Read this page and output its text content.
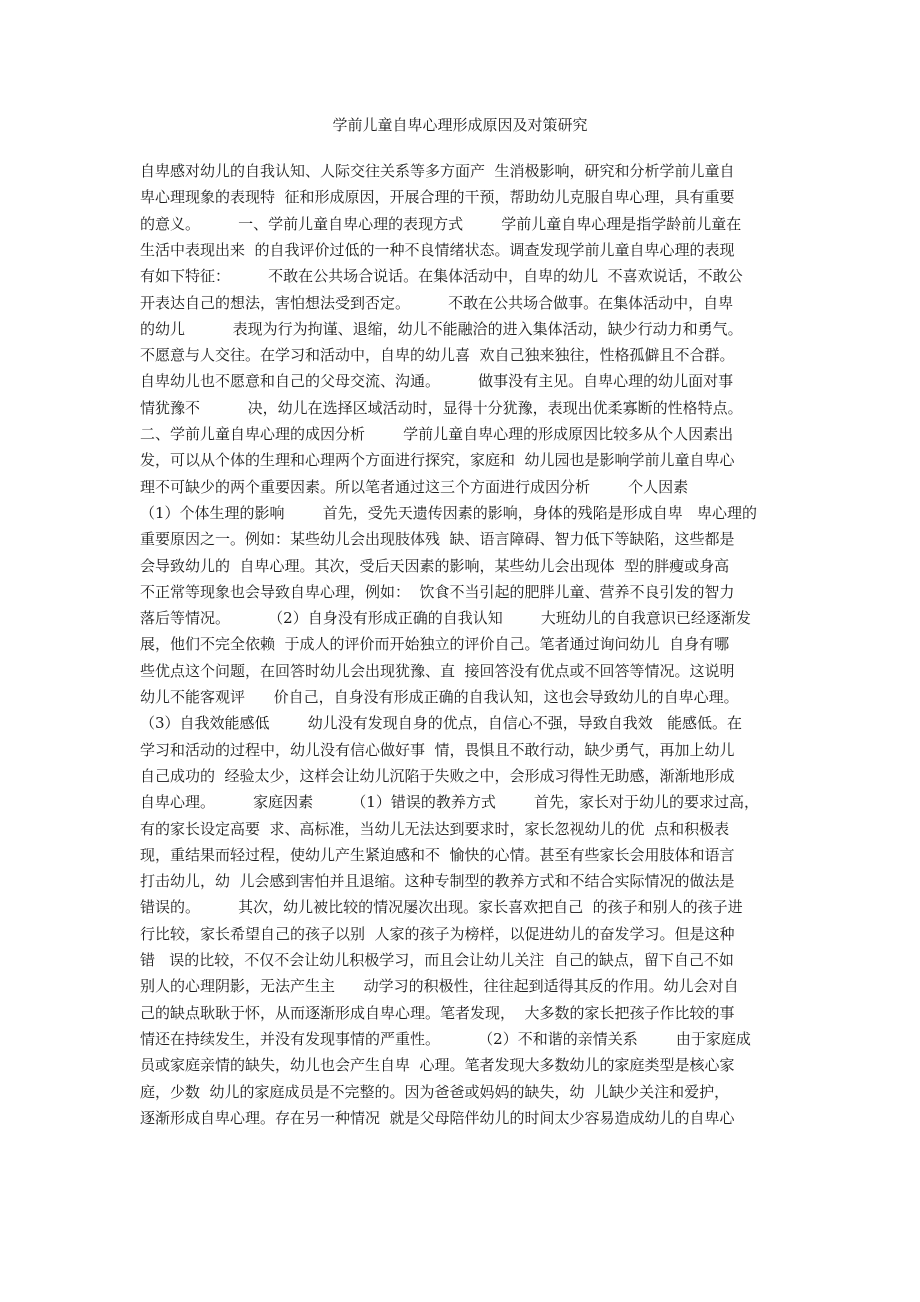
学前儿童自卑心理形成原因及对策研究
自卑感对幼儿的自我认知、人际交往关系等多方面产  生消极影响，研究和分析学前儿童自
卑心理现象的表现特  征和形成原因，开展合理的干预，帮助幼儿克服自卑心理，具有重要
的意义。        一、学前儿童自卑心理的表现方式        学前儿童自卑心理是指学龄前儿童在
生活中表现出来  的自我评价过低的一种不良情绪状态。调查发现学前儿童自卑心理的表现
有如下特征：        不敢在公共场合说话。在集体活动中，自卑的幼儿  不喜欢说话，不敢公
开表达自己的想法，害怕想法受到否定。        不敢在公共场合做事。在集体活动中，自卑
的幼儿          表现为行为拘谨、退缩，幼儿不能融洽的进入集体活动，缺少行动力和勇气。
不愿意与人交往。在学习和活动中，自卑的幼儿喜  欢自己独来独往，性格孤僻且不合群。
自卑幼儿也不愿意和自己的父母交流、沟通。        做事没有主见。自卑心理的幼儿面对事
情犹豫不          决，幼儿在选择区域活动时，显得十分犹豫，表现出优柔寡断的性格特点。
二、学前儿童自卑心理的成因分析        学前儿童自卑心理的形成原因比较多从个人因素出
发，可以从个体的生理和心理两个方面进行探究，家庭和  幼儿园也是影响学前儿童自卑心
理不可缺少的两个重要因素。所以笔者通过这三个方面进行成因分析        个人因素
（1）个体生理的影响        首先，受先天遗传因素的影响，身体的残陷是形成自卑   卑心理的
重要原因之一。例如：某些幼儿会出现肢体残  缺、语言障碍、智力低下等缺陷，这些都是
会导致幼儿的  自卑心理。其次，受后天因素的影响，某些幼儿会出现体  型的胖瘦或身高
不正常等现象也会导致自卑心理，例如：  饮食不当引起的肥胖儿童、营养不良引发的智力
落后等情况。        （2）自身没有形成正确的自我认知        大班幼儿的自我意识已经逐渐发
展，他们不完全依赖  于成人的评价而开始独立的评价自己。笔者通过询问幼儿  自身有哪
些优点这个问题，在回答时幼儿会出现犹豫、直  接回答没有优点或不回答等情况。这说明
幼儿不能客观评      价自己，自身没有形成正确的自我认知，这也会导致幼儿的自卑心理。
（3）自我效能感低        幼儿没有发现自身的优点，自信心不强，导致自我效   能感低。在
学习和活动的过程中，幼儿没有信心做好事  情，畏惧且不敢行动，缺少勇气，再加上幼儿
自己成功的  经验太少，这样会让幼儿沉陷于失败之中，会形成习得性无助感，渐渐地形成
自卑心理。        家庭因素        （1）错误的教养方式        首先，家长对于幼儿的要求过高，
有的家长设定高要  求、高标准，当幼儿无法达到要求时，家长忽视幼儿的优  点和积极表
现，重结果而轻过程，使幼儿产生紧迫感和不  愉快的心情。甚至有些家长会用肢体和语言
打击幼儿，幼  儿会感到害怕并且退缩。这种专制型的教养方式和不结合实际情况的做法是
错误的。        其次，幼儿被比较的情况屡次出现。家长喜欢把自己  的孩子和别人的孩子进
行比较，家长希望自己的孩子以别  人家的孩子为榜样，以促进幼儿的奋发学习。但是这种
错   误的比较，不仅不会让幼儿积极学习，而且会让幼儿关注  自己的缺点，留下自己不如
别人的心理阴影，无法产生主      动学习的积极性，往往起到适得其反的作用。幼儿会对自
己的缺点耿耿于怀，从而逐渐形成自卑心理。笔者发现，  大多数的家长把孩子作比较的事
情还在持续发生，并没有发现事情的严重性。        （2）不和谐的亲情关系        由于家庭成
员或家庭亲情的缺失，幼儿也会产生自卑  心理。笔者发现大多数幼儿的家庭类型是核心家
庭，少数  幼儿的家庭成员是不完整的。因为爸爸或妈妈的缺失，幼  儿缺少关注和爱护，
逐渐形成自卑心理。存在另一种情况  就是父母陪伴幼儿的时间太少容易造成幼儿的自卑心
